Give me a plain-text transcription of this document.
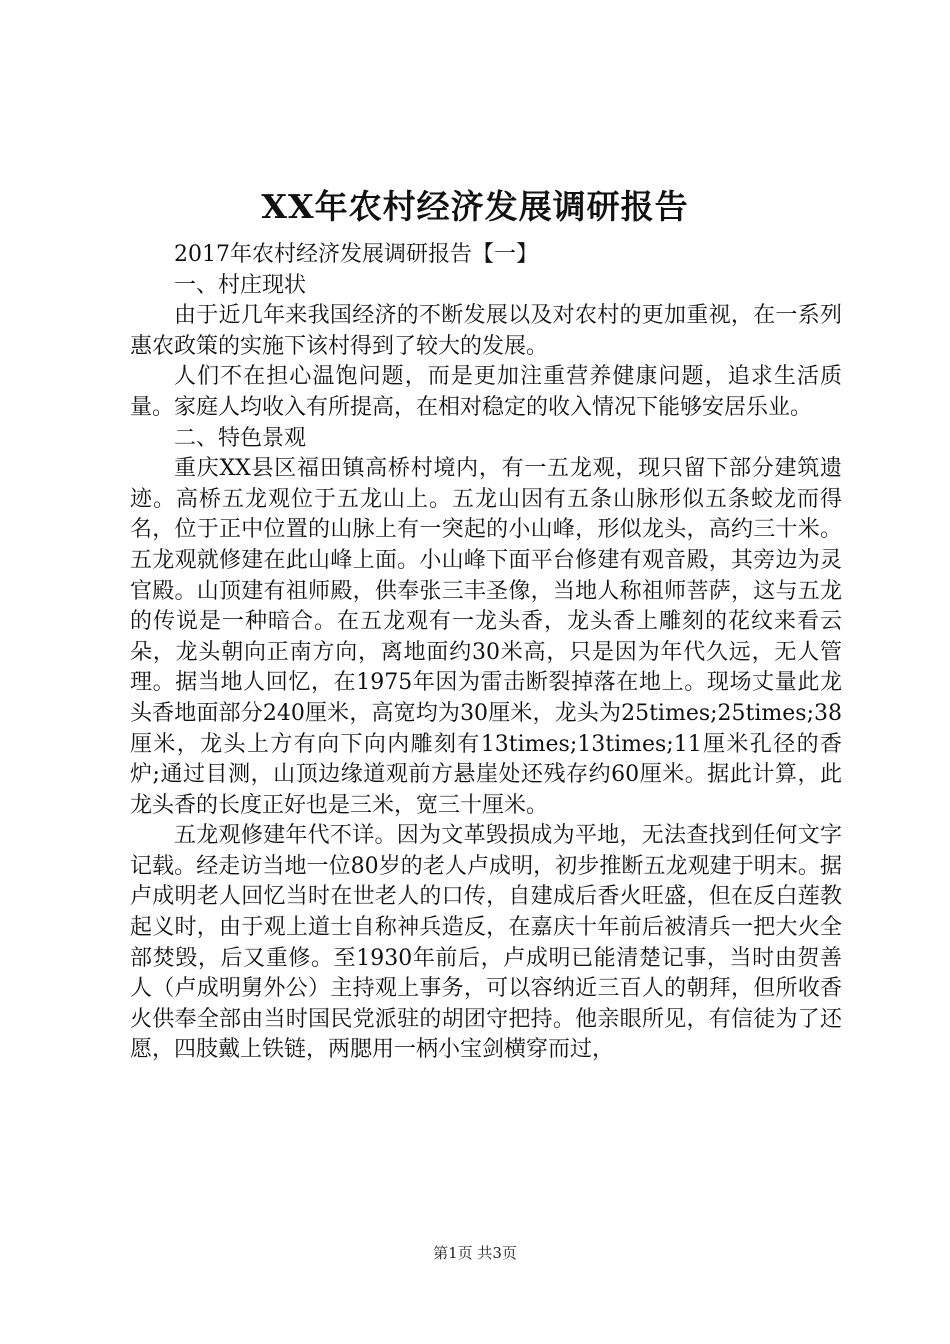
XX年农村经济发展调研报告

2017年农村经济发展调研报告【一】

一、村庄现状

由于近几年来我国经济的不断发展以及对农村的更加重视，在一系列惠农政策的实施下该村得到了较大的发展。

人们不在担心温饱问题，而是更加注重营养健康问题，追求生活质量。家庭人均收入有所提高，在相对稳定的收入情况下能够安居乐业。

二、特色景观

重庆XX县区福田镇高桥村境内，有一五龙观，现只留下部分建筑遗迹。高桥五龙观位于五龙山上。五龙山因有五条山脉形似五条蛟龙而得名，位于正中位置的山脉上有一突起的小山峰，形似龙头，高约三十米。五龙观就修建在此山峰上面。小山峰下面平台修建有观音殿，其旁边为灵官殿。山顶建有祖师殿，供奉张三丰圣像，当地人称祖师菩萨，这与五龙的传说是一种暗合。在五龙观有一龙头香，龙头香上雕刻的花纹来看云朵，龙头朝向正南方向，离地面约30米高，只是因为年代久远，无人管理。据当地人回忆，在1975年因为雷击断裂掉落在地上。现场丈量此龙头香地面部分240厘米，高宽均为30厘米，龙头为25times;25times;38厘米，龙头上方有向下向内雕刻有13times;13times;11厘米孔径的香炉;通过目测，山顶边缘道观前方悬崖处还残存约60厘米。据此计算，此龙头香的长度正好也是三米，宽三十厘米。

五龙观修建年代不详。因为文革毁损成为平地，无法查找到任何文字记载。经走访当地一位80岁的老人卢成明，初步推断五龙观建于明末。据卢成明老人回忆当时在世老人的口传，自建成后香火旺盛，但在反白莲教起义时，由于观上道士自称神兵造反，在嘉庆十年前后被清兵一把大火全部焚毁，后又重修。至1930年前后，卢成明已能清楚记事，当时由贺善人（卢成明舅外公）主持观上事务，可以容纳近三百人的朝拜，但所收香火供奉全部由当时国民党派驻的胡团守把持。他亲眼所见，有信徒为了还愿，四肢戴上铁链，两腮用一柄小宝剑横穿而过，

第1页 共3页
